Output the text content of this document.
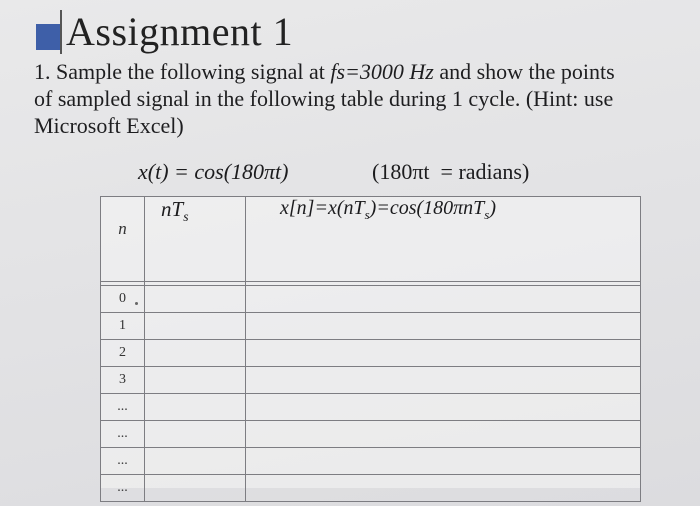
Assignment 1
1. Sample the following signal at fs=3000 Hz and show the points
of sampled signal in the following table during 1 cycle. (Hint: use
Microsoft Excel)
x(t) = cos(180πt)	(180πt = radians)
n	$nT_s$	$x[n]=x(nT_s)=\cos(180\pi nT_s)$

0		
1		
2		
3		
...		
...		
...		
...		
